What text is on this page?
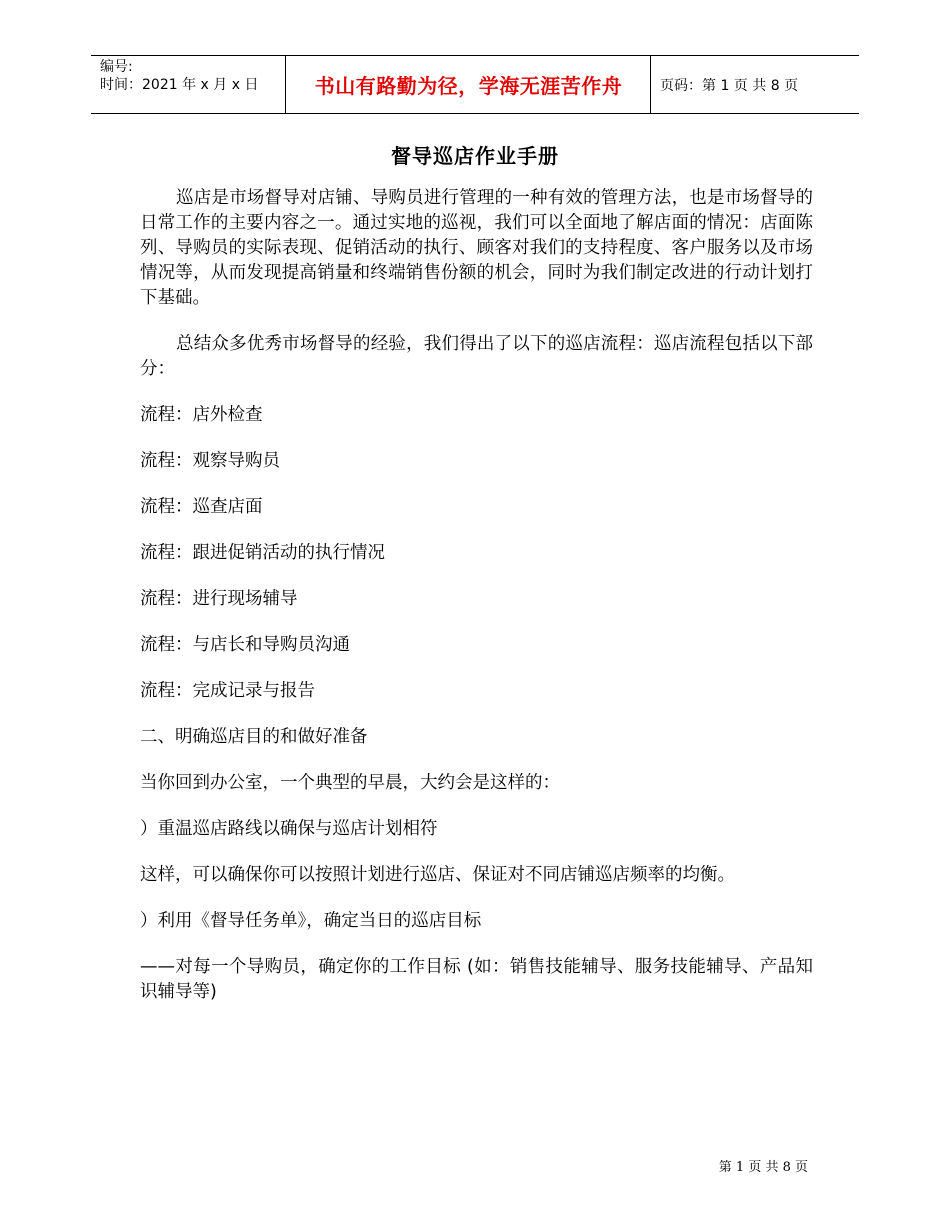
编号:
时间：2021 年 x 月 x 日	书山有路勤为径，学海无涯苦作舟	页码：第 1 页 共 8 页
督导巡店作业手册

巡店是市场督导对店铺、导购员进行管理的一种有效的管理方法，也是市场督导的日常工作的主要内容之一。通过实地的巡视，我们可以全面地了解店面的情况：店面陈列、导购员的实际表现、促销活动的执行、顾客对我们的支持程度、客户服务以及市场情况等，从而发现提高销量和终端销售份额的机会，同时为我们制定改进的行动计划打下基础。

总结众多优秀市场督导的经验，我们得出了以下的巡店流程：巡店流程包括以下部分：

流程：店外检查

流程：观察导购员

流程：巡查店面

流程：跟进促销活动的执行情况

流程：进行现场辅导

流程：与店长和导购员沟通

流程：完成记录与报告

二、明确巡店目的和做好准备

当你回到办公室，一个典型的早晨，大约会是这样的：

）重温巡店路线以确保与巡店计划相符

这样，可以确保你可以按照计划进行巡店、保证对不同店铺巡店频率的均衡。

）利用《督导任务单》，确定当日的巡店目标

——对每一个导购员，确定你的工作目标 (如：销售技能辅导、服务技能辅导、产品知识辅导等)

第 1 页 共 8 页
